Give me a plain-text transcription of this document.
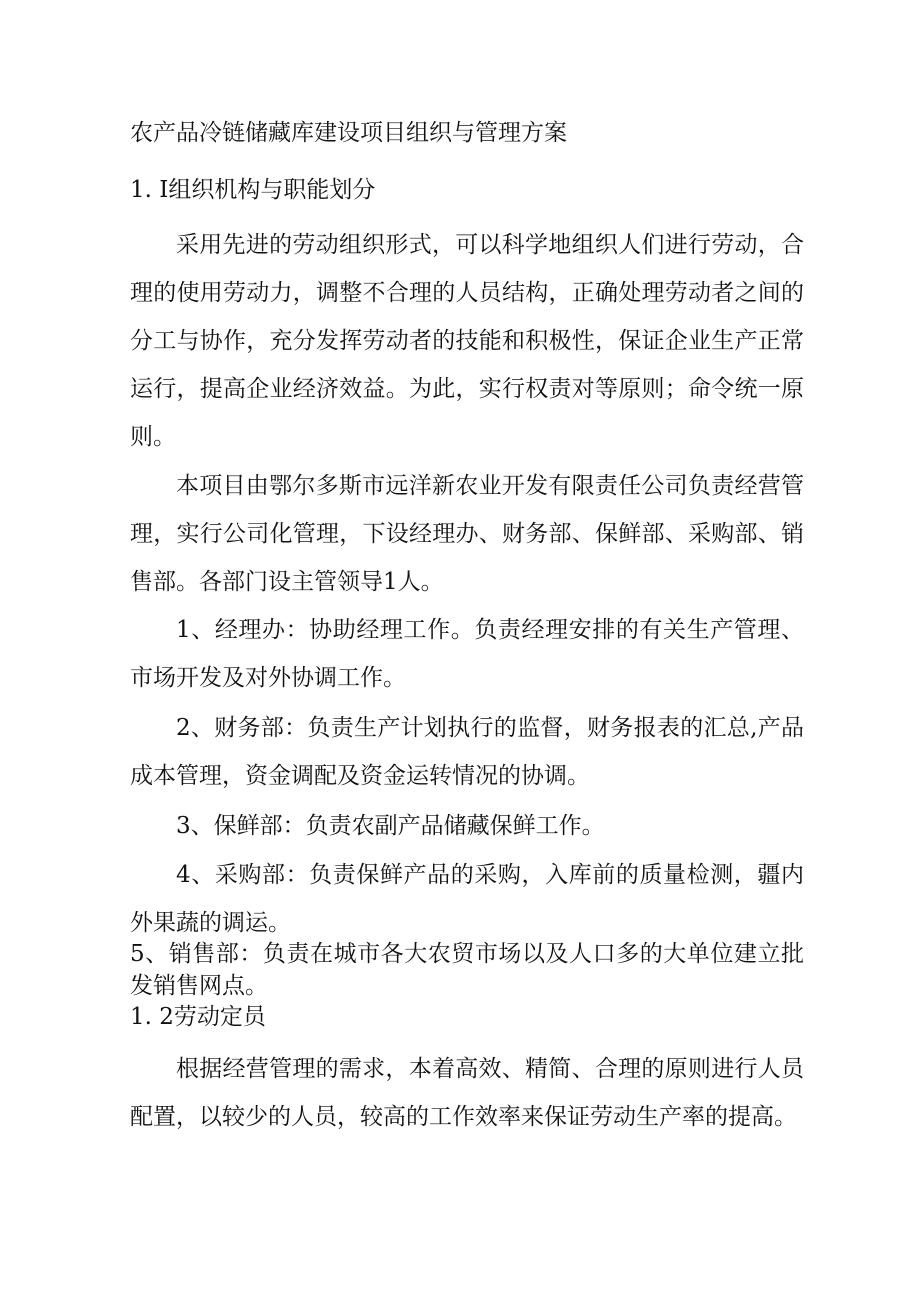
农产品冷链储藏库建设项目组织与管理方案
1. I组织机构与职能划分
采用先进的劳动组织形式，可以科学地组织人们进行劳动，合理的使用劳动力，调整不合理的人员结构，正确处理劳动者之间的分工与协作，充分发挥劳动者的技能和积极性，保证企业生产正常运行，提高企业经济效益。为此，实行权责对等原则；命令统一原则。
本项目由鄂尔多斯市远洋新农业开发有限责任公司负责经营管理，实行公司化管理，下设经理办、财务部、保鲜部、采购部、销售部。各部门设主管领导1人。
1、经理办：协助经理工作。负责经理安排的有关生产管理、市场开发及对外协调工作。
2、财务部：负责生产计划执行的监督，财务报表的汇总,产品成本管理，资金调配及资金运转情况的协调。
3、保鲜部：负责农副产品储藏保鲜工作。
4、采购部：负责保鲜产品的采购，入库前的质量检测，疆内外果蔬的调运。
5、销售部：负责在城市各大农贸市场以及人口多的大单位建立批发销售网点。
1. 2劳动定员
根据经营管理的需求，本着高效、精简、合理的原则进行人员配置，以较少的人员，较高的工作效率来保证劳动生产率的提高。
